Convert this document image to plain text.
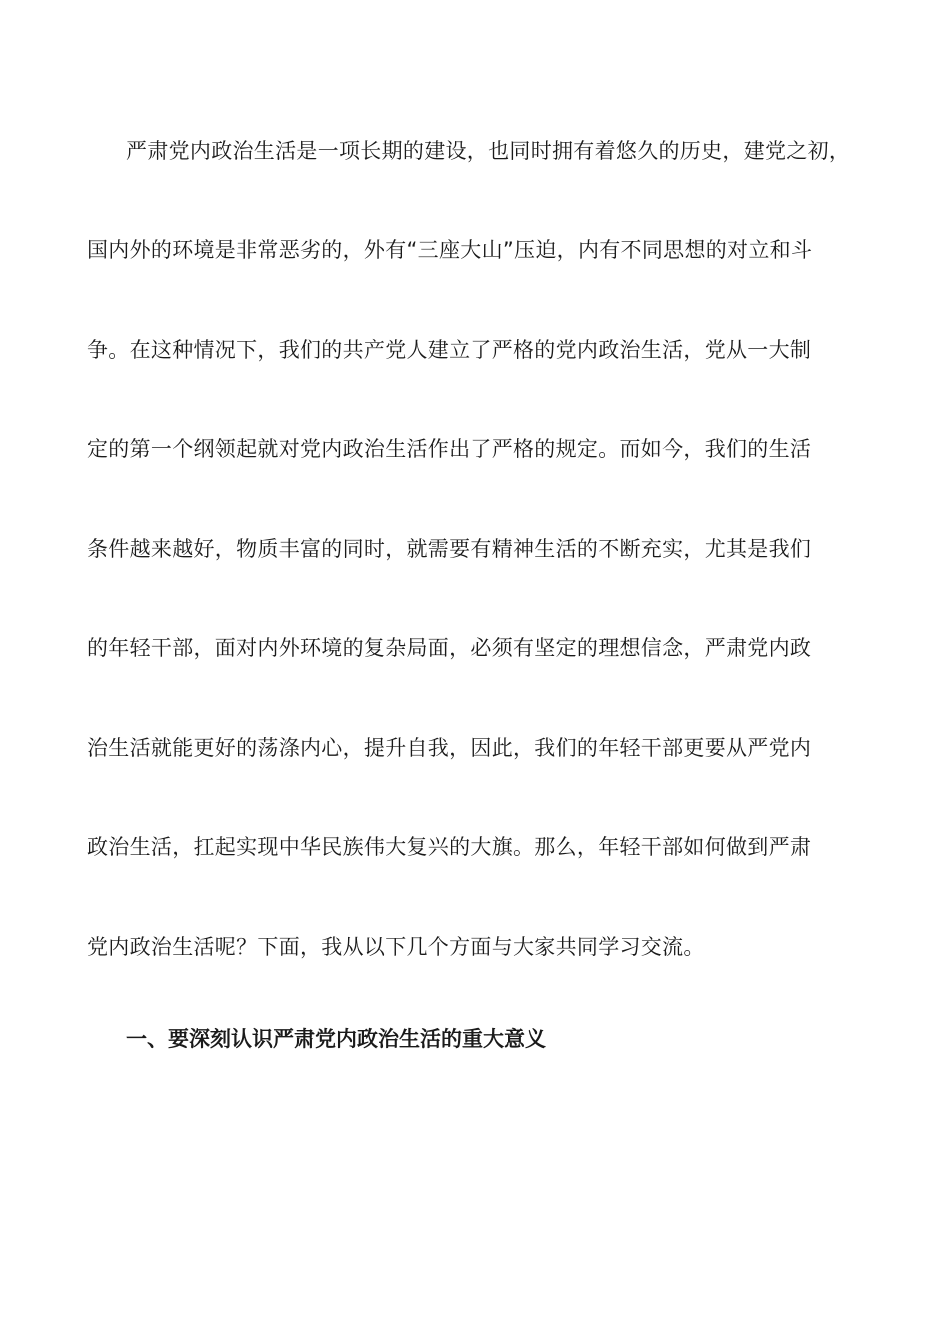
严肃党内政治生活是一项长期的建设，也同时拥有着悠久的历史，建党之初，
国内外的环境是非常恶劣的，外有“三座大山”压迫，内有不同思想的对立和斗
争。在这种情况下，我们的共产党人建立了严格的党内政治生活，党从一大制
定的第一个纲领起就对党内政治生活作出了严格的规定。而如今，我们的生活
条件越来越好，物质丰富的同时，就需要有精神生活的不断充实，尤其是我们
的年轻干部，面对内外环境的复杂局面，必须有坚定的理想信念，严肃党内政
治生活就能更好的荡涤内心，提升自我，因此，我们的年轻干部更要从严党内
政治生活，扛起实现中华民族伟大复兴的大旗。那么，年轻干部如何做到严肃
党内政治生活呢？下面，我从以下几个方面与大家共同学习交流。
一、要深刻认识严肃党内政治生活的重大意义
